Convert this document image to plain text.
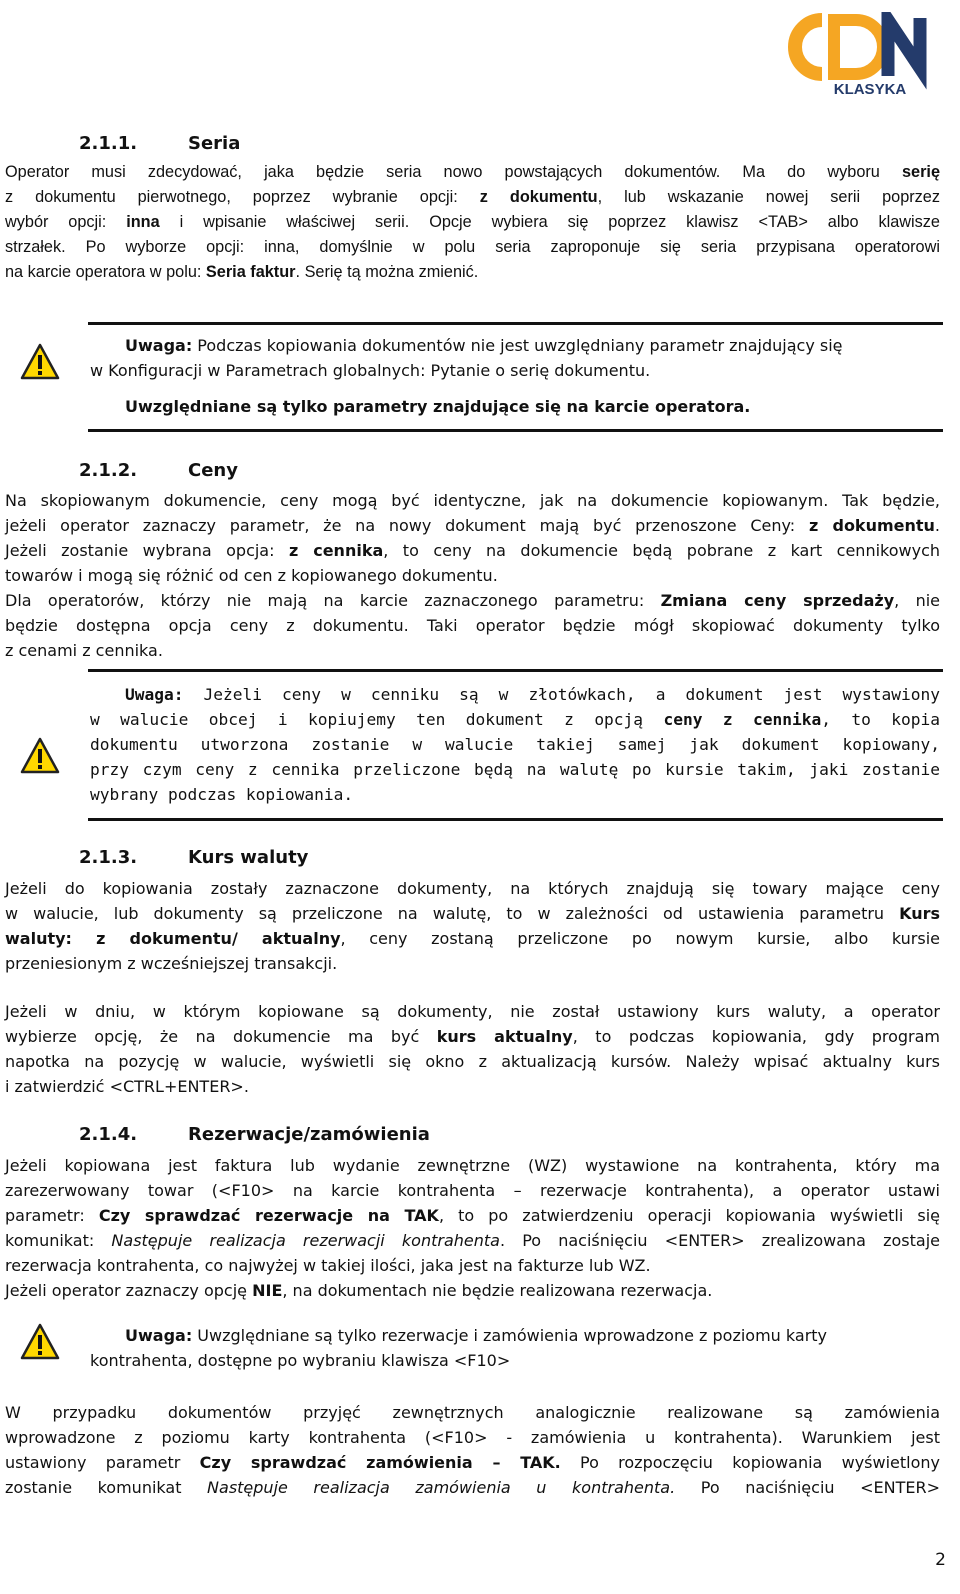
KLASYKA
2.1.1.	Seria
Operator musi zdecydować, jaka będzie seria nowo powstających dokumentów. Ma do wyboru serię
z dokumentu pierwotnego, poprzez wybranie opcji: z dokumentu, lub wskazanie nowej serii poprzez
wybór opcji: inna i wpisanie właściwej serii. Opcje wybiera się poprzez klawisz <TAB> albo klawisze
strzałek. Po wyborze opcji: inna, domyślnie w polu seria zaproponuje się seria przypisana operatorowi
na karcie operatora w polu: Seria faktur. Serię tą można zmienić.
Uwaga: Podczas kopiowania dokumentów nie jest uwzględniany parametr znajdujący się
w Konfiguracji w Parametrach globalnych: Pytanie o serię dokumentu.
Uwzględniane są tylko parametry znajdujące się na karcie operatora.
2.1.2.	Ceny
Na skopiowanym dokumencie, ceny mogą być identyczne, jak na dokumencie kopiowanym. Tak będzie,
jeżeli operator zaznaczy parametr, że na nowy dokument mają być przenoszone Ceny: z dokumentu.
Jeżeli zostanie wybrana opcja: z cennika, to ceny na dokumencie będą pobrane z kart cennikowych
towarów i mogą się różnić od cen z kopiowanego dokumentu.
Dla operatorów, którzy nie mają na karcie zaznaczonego parametru: Zmiana ceny sprzedaży, nie
będzie dostępna opcja ceny z dokumentu. Taki operator będzie mógł skopiować dokumenty tylko
z cenami z cennika.
Uwaga: Jeżeli ceny w cenniku są w złotówkach, a dokument jest wystawiony
w walucie obcej i kopiujemy ten dokument z opcją ceny z cennika, to kopia
dokumentu utworzona zostanie w walucie takiej samej jak dokument kopiowany,
przy czym ceny z cennika przeliczone będą na walutę po kursie takim, jaki zostanie
wybrany podczas kopiowania.
2.1.3.	Kurs waluty
Jeżeli do kopiowania zostały zaznaczone dokumenty, na których znajdują się towary mające ceny
w walucie, lub dokumenty są przeliczone na walutę, to w zależności od ustawienia parametru Kurs
waluty: z dokumentu/ aktualny, ceny zostaną przeliczone po nowym kursie, albo kursie
przeniesionym z wcześniejszej transakcji.
Jeżeli w dniu, w którym kopiowane są dokumenty, nie został ustawiony kurs waluty, a operator
wybierze opcję, że na dokumencie ma być kurs aktualny, to podczas kopiowania, gdy program
napotka na pozycję w walucie, wyświetli się okno z aktualizacją kursów. Należy wpisać aktualny kurs
i zatwierdzić <CTRL+ENTER>.
2.1.4.	Rezerwacje/zamówienia
Jeżeli kopiowana jest faktura lub wydanie zewnętrzne (WZ) wystawione na kontrahenta, który ma
zarezerwowany towar (<F10> na karcie kontrahenta – rezerwacje kontrahenta), a operator ustawi
parametr: Czy sprawdzać rezerwacje na TAK, to po zatwierdzeniu operacji kopiowania wyświetli się
komunikat: Następuje realizacja rezerwacji kontrahenta. Po naciśnięciu <ENTER> zrealizowana zostaje
rezerwacja kontrahenta, co najwyżej w takiej ilości, jaka jest na fakturze lub WZ.
Jeżeli operator zaznaczy opcję NIE, na dokumentach nie będzie realizowana rezerwacja.
Uwaga: Uwzględniane są tylko rezerwacje i zamówienia wprowadzone z poziomu karty
kontrahenta, dostępne po wybraniu klawisza <F10>
W przypadku dokumentów przyjęć zewnętrznych analogicznie realizowane są zamówienia
wprowadzone z poziomu karty kontrahenta (<F10> - zamówienia u kontrahenta). Warunkiem jest
ustawiony parametr Czy sprawdzać zamówienia – TAK. Po rozpoczęciu kopiowania wyświetlony
zostanie komunikat Następuje realizacja zamówienia u kontrahenta. Po naciśnięciu <ENTER>
2
